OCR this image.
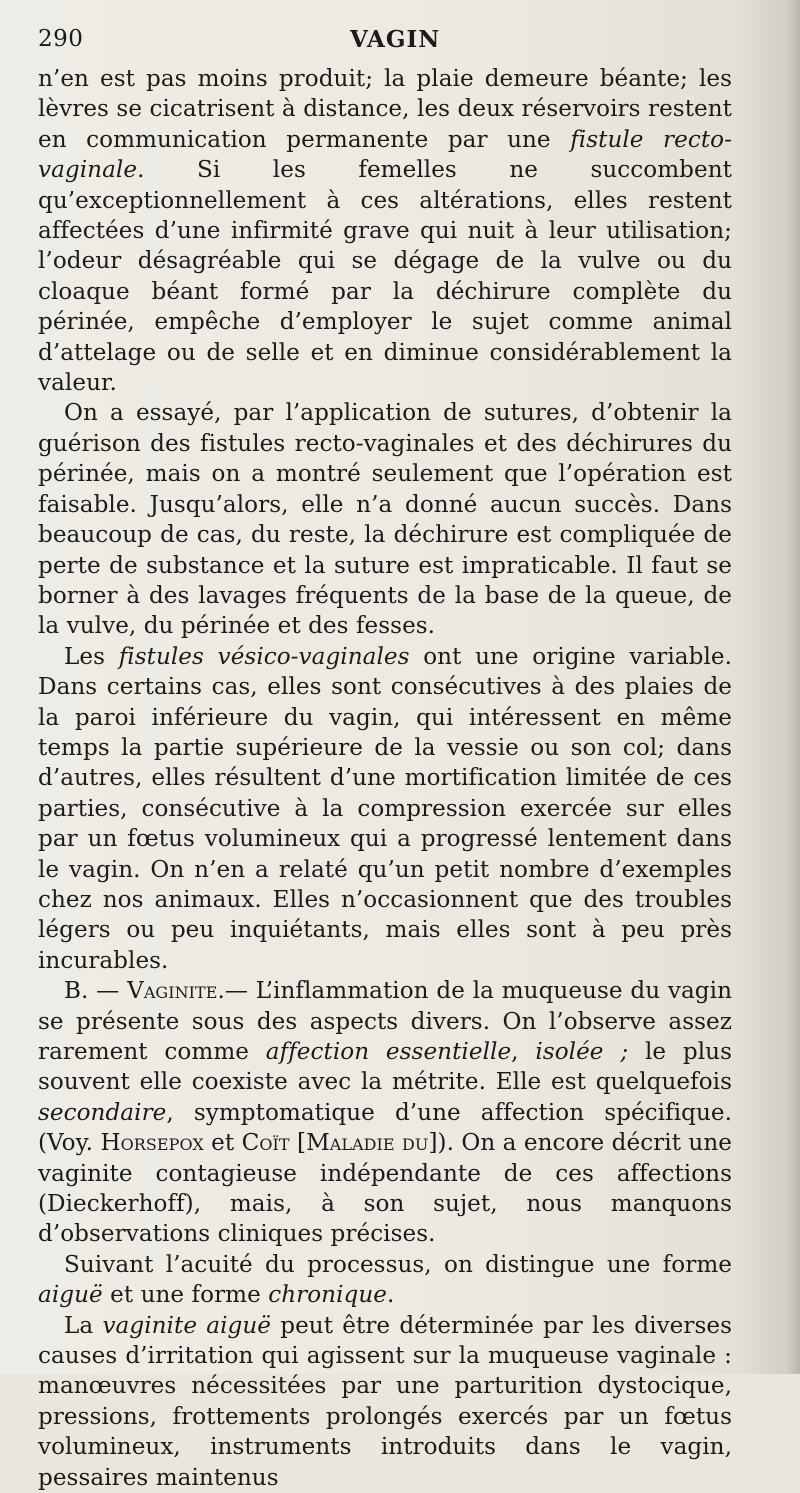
290	VAGIN

n’en est pas moins produit; la plaie demeure béante; les lèvres se cicatrisent à distance, les deux réservoirs restent en communication permanente par une fistule recto-vaginale. Si les femelles ne succombent qu’exceptionnellement à ces altérations, elles restent affectées d’une infirmité grave qui nuit à leur utilisation; l’odeur désagréable qui se dégage de la vulve ou du cloaque béant formé par la déchirure complète du périnée, empêche d’employer le sujet comme animal d’attelage ou de selle et en diminue considérablement la valeur.

On a essayé, par l’application de sutures, d’obtenir la guérison des fistules recto-vaginales et des déchirures du périnée, mais on a montré seulement que l’opération est faisable. Jusqu’alors, elle n’a donné aucun succès. Dans beaucoup de cas, du reste, la déchirure est compliquée de perte de substance et la suture est impraticable. Il faut se borner à des lavages fréquents de la base de la queue, de la vulve, du périnée et des fesses.

Les fistules vésico-vaginales ont une origine variable. Dans certains cas, elles sont consécutives à des plaies de la paroi inférieure du vagin, qui intéressent en même temps la partie supérieure de la vessie ou son col; dans d’autres, elles résultent d’une mortification limitée de ces parties, consécutive à la compression exercée sur elles par un fœtus volumineux qui a progressé lentement dans le vagin. On n’en a relaté qu’un petit nombre d’exemples chez nos animaux. Elles n’occasionnent que des troubles légers ou peu inquiétants, mais elles sont à peu près incurables.

B. — Vaginite.— L’inflammation de la muqueuse du vagin se présente sous des aspects divers. On l’observe assez rarement comme affection essentielle, isolée ; le plus souvent elle coexiste avec la métrite. Elle est quelquefois secondaire, symptomatique d’une affection spécifique. (Voy. Horsepox et Coït [Maladie du]). On a encore décrit une vaginite contagieuse indépendante de ces affections (Dieckerhoff), mais, à son sujet, nous manquons d’observations cliniques précises.

Suivant l’acuité du processus, on distingue une forme aiguë et une forme chronique.

La vaginite aiguë peut être déterminée par les diverses causes d’irritation qui agissent sur la muqueuse vaginale : manœuvres nécessitées par une parturition dystocique, pressions, frottements prolongés exercés par un fœtus volumineux, instruments introduits dans le vagin, pessaires maintenus
